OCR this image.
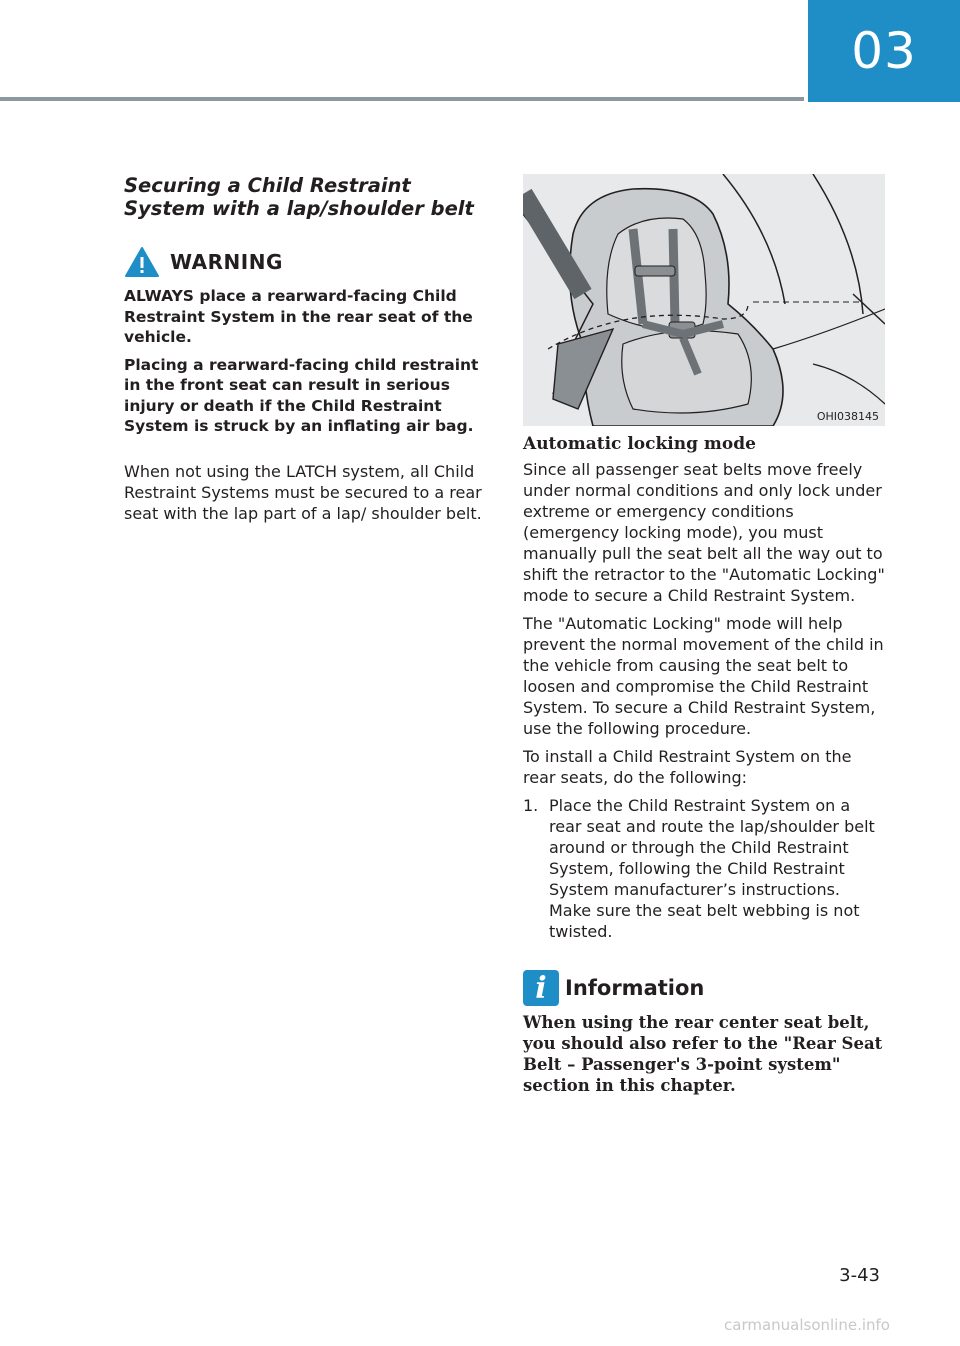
03
Securing a Child Restraint System with a lap/shoulder belt
WARNING

ALWAYS place a rearward-facing Child Restraint System in the rear seat of the vehicle.

Placing a rearward-facing child restraint in the front seat can result in serious injury or death if the Child Restraint System is struck by an inflating air bag.

When not using the LATCH system, all Child Restraint Systems must be secured to a rear seat with the lap part of a lap/ shoulder belt.

OHI038145
Automatic locking mode

Since all passenger seat belts move freely under normal conditions and only lock under extreme or emergency conditions (emergency locking mode), you must manually pull the seat belt all the way out to shift the retractor to the "Automatic Locking" mode to secure a Child Restraint System.

The "Automatic Locking" mode will help prevent the normal movement of the child in the vehicle from causing the seat belt to loosen and compromise the Child Restraint System. To secure a Child Restraint System, use the following procedure.

To install a Child Restraint System on the rear seats, do the following:

1. Place the Child Restraint System on a rear seat and route the lap/shoulder belt around or through the Child Restraint System, following the Child Restraint System manufacturer’s instructions. Make sure the seat belt webbing is not twisted.
i Information

When using the rear center seat belt, you should also refer to the "Rear Seat Belt – Passenger's 3-point system" section in this chapter.

3-43
carmanualsonline.info
